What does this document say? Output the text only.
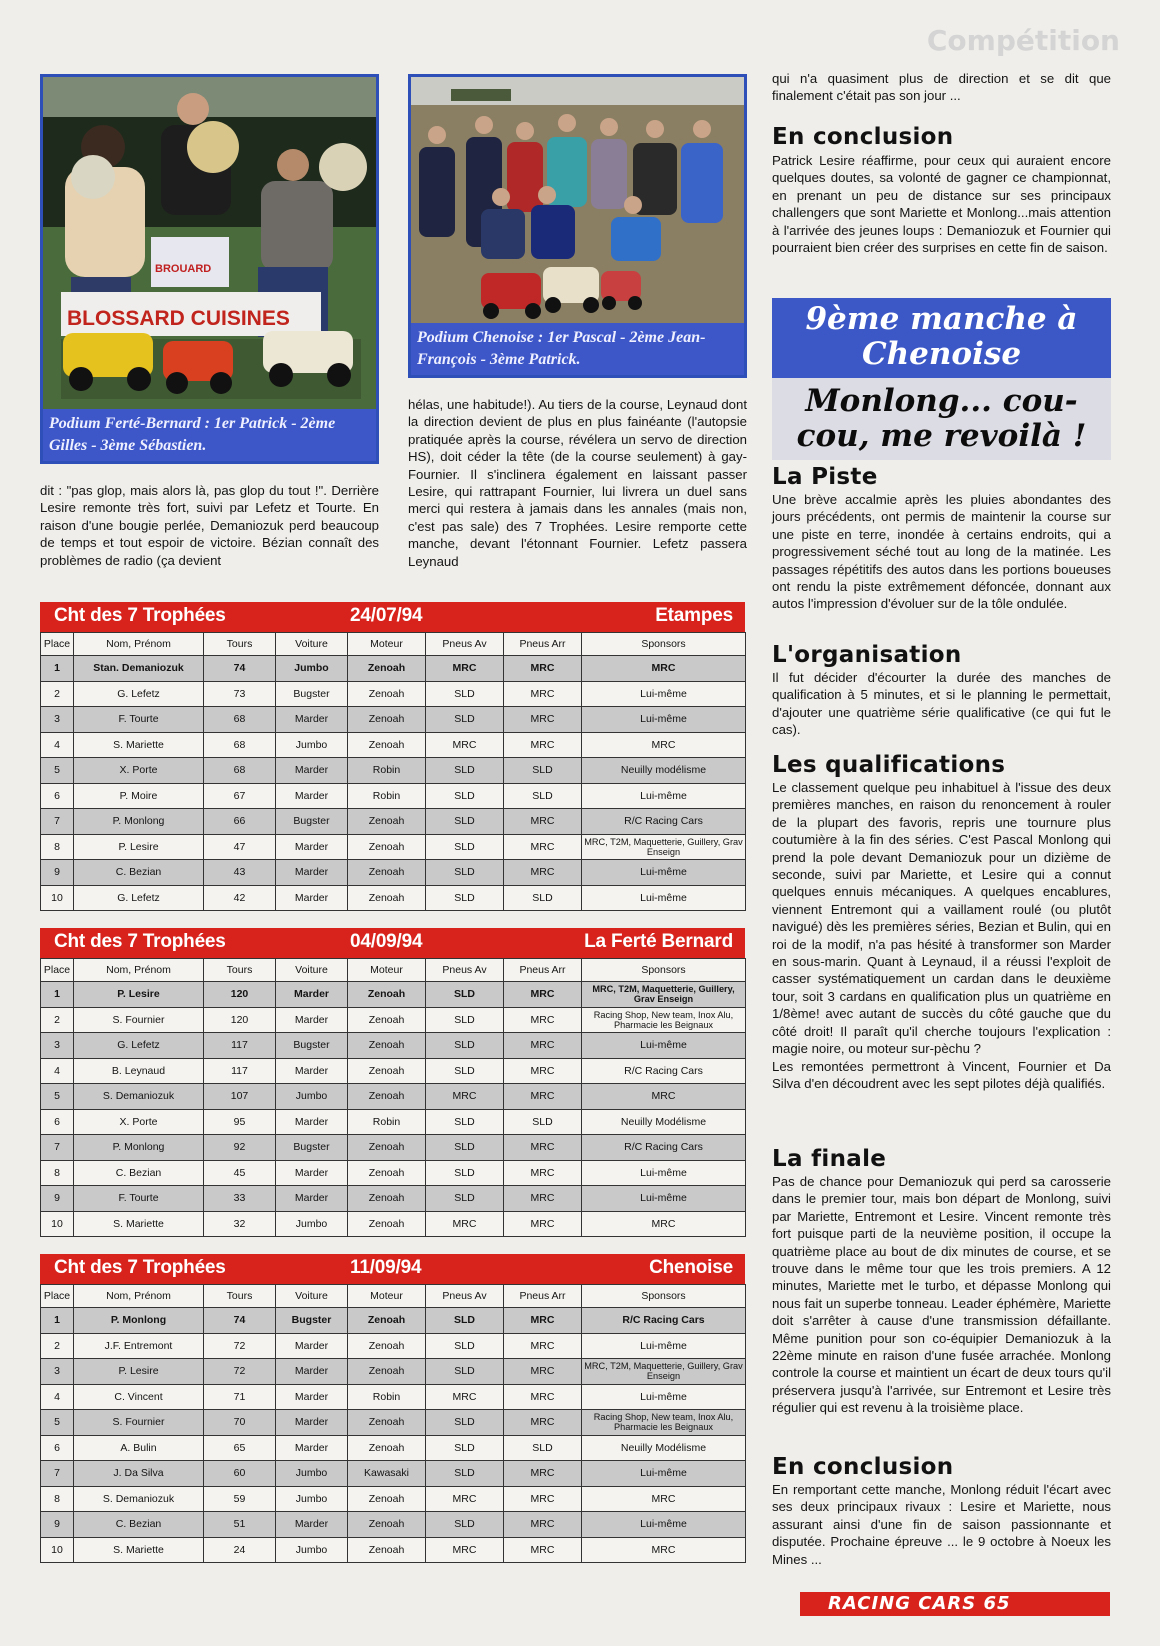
Compétition
BROUARD
BLOSSARD CUISINES
Podium Ferté-Bernard : 1er Patrick - 2ème Gilles - 3ème Sébastien.
Podium Chenoise : 1er Pascal - 2ème Jean-François - 3ème Patrick.

dit : "pas glop, mais alors là, pas glop du tout !". Derrière Lesire remonte très fort, suivi par Lefetz et Tourte. En raison d'une bougie perlée, Demaniozuk perd beaucoup de temps et tout espoir de victoire. Bézian connaît des problèmes de radio (ça devient

hélas, une habitude!). Au tiers de la course, Leynaud dont la direction devient de plus en plus fainéante (l'autopsie pratiquée après la course, révélera un servo de direction HS), doit céder la tête (de la course seulement) à gay-Fournier. Il s'inclinera également en laissant passer Lesire, qui rattrapant Fournier, lui livrera un duel sans merci qui restera à jamais dans les annales (mais non, c'est pas sale) des 7 Trophées. Lesire remporte cette manche, devant l'étonnant Fournier. Lefetz passera Leynaud

qui n'a quasiment plus de direction et se dit que finalement c'était pas son jour ...

En conclusion

Patrick Lesire réaffirme, pour ceux qui auraient encore quelques doutes, sa volonté de gagner ce championnat, en prenant un peu de distance sur ses principaux challengers que sont Mariette et Monlong...mais attention à l'arrivée des jeunes loups : Demaniozuk et Fournier qui pourraient bien créer des surprises en cette fin de saison.

9ème manche à Chenoise
Monlong... cou-cou, me revoilà !
La Piste

Une brève accalmie après les pluies abondantes des jours précédents, ont permis de maintenir la course sur une piste en terre, inondée à certains endroits, qui a progressivement séché tout au long de la matinée. Les passages répétitifs des autos dans les portions boueuses ont rendu la piste extrêmement défoncée, donnant aux autos l'impression d'évoluer sur de la tôle ondulée.

L'organisation

Il fut décider d'écourter la durée des manches de qualification à 5 minutes, et si le planning le permettait, d'ajouter une quatrième série qualificative (ce qui fut le cas).

Les qualifications

Le classement quelque peu inhabituel à l'issue des deux premières manches, en raison du renoncement à rouler de la plupart des favoris, repris une tournure plus coutumière à la fin des séries. C'est Pascal Monlong qui prend la pole devant Demaniozuk pour un dizième de seconde, suivi par Mariette, et Lesire qui a connut quelques ennuis mécaniques. A quelques encablures, viennent Entremont qui a vaillament roulé (ou plutôt navigué) dès les premières séries, Bezian et Bulin, qui en roi de la modif, n'a pas hésité à transformer son Marder en sous-marin. Quant à Leynaud, il a réussi l'exploit de casser systématiquement un cardan dans le deuxième tour, soit 3 cardans en qualification plus un quatrième en 1/8ème! avec autant de succès du côté gauche que du côté droit! Il paraît qu'il cherche toujours l'explication : magie noire, ou moteur sur-pèchu ?

Les remontées permettront à Vincent, Fournier et Da Silva d'en découdrent avec les sept pilotes déjà qualifiés.

La finale

Pas de chance pour Demaniozuk qui perd sa carosserie dans le premier tour, mais bon départ de Monlong, suivi par Mariette, Entremont et Lesire. Vincent remonte très fort puisque parti de la neuvième position, il occupe la quatrième place au bout de dix minutes de course, et se trouve dans le même tour que les trois premiers. A 12 minutes, Mariette met le turbo, et dépasse Monlong qui nous fait un superbe tonneau. Leader éphémère, Mariette doit s'arrêter à cause d'une transmission défaillante. Même punition pour son co-équipier Demaniozuk à la 22ème minute en raison d'une fusée arrachée. Monlong controle la course et maintient un écart de deux tours qu'il préservera jusqu'à l'arrivée, sur Entremont et Lesire très régulier qui est revenu à la troisième place.

En conclusion

En remportant cette manche, Monlong réduit l'écart avec ses deux principaux rivaux : Lesire et Mariette, nous assurant ainsi d'une fin de saison passionnante et disputée. Prochaine épreuve ... le 9 octobre à Noeux les Mines ...

Cht des 7 Trophées	24/07/94	Etampes
Place	Nom, Prénom	Tours	Voiture	Moteur	Pneus Av	Pneus Arr	Sponsors
1	Stan. Demaniozuk	74	Jumbo	Zenoah	MRC	MRC	MRC
2	G. Lefetz	73	Bugster	Zenoah	SLD	MRC	Lui-même
3	F. Tourte	68	Marder	Zenoah	SLD	MRC	Lui-même
4	S. Mariette	68	Jumbo	Zenoah	MRC	MRC	MRC
5	X. Porte	68	Marder	Robin	SLD	SLD	Neuilly modélisme
6	P. Moire	67	Marder	Robin	SLD	SLD	Lui-même
7	P. Monlong	66	Bugster	Zenoah	SLD	MRC	R/C Racing Cars
8	P. Lesire	47	Marder	Zenoah	SLD	MRC	MRC, T2M, Maquetterie, Guillery, Grav Enseign
9	C. Bezian	43	Marder	Zenoah	SLD	MRC	Lui-même
10	G. Lefetz	42	Marder	Zenoah	SLD	SLD	Lui-même
Cht des 7 Trophées	04/09/94	La Ferté Bernard
Place	Nom, Prénom	Tours	Voiture	Moteur	Pneus Av	Pneus Arr	Sponsors
1	P. Lesire	120	Marder	Zenoah	SLD	MRC	MRC, T2M, Maquetterie, Guillery, Grav Enseign
2	S. Fournier	120	Marder	Zenoah	SLD	MRC	Racing Shop, New team, Inox Alu, Pharmacie les Beignaux
3	G. Lefetz	117	Bugster	Zenoah	SLD	MRC	Lui-même
4	B. Leynaud	117	Marder	Zenoah	SLD	MRC	R/C Racing Cars
5	S. Demaniozuk	107	Jumbo	Zenoah	MRC	MRC	MRC
6	X. Porte	95	Marder	Robin	SLD	SLD	Neuilly Modélisme
7	P. Monlong	92	Bugster	Zenoah	SLD	MRC	R/C Racing Cars
8	C. Bezian	45	Marder	Zenoah	SLD	MRC	Lui-même
9	F. Tourte	33	Marder	Zenoah	SLD	MRC	Lui-même
10	S. Mariette	32	Jumbo	Zenoah	MRC	MRC	MRC
Cht des 7 Trophées	11/09/94	Chenoise
Place	Nom, Prénom	Tours	Voiture	Moteur	Pneus Av	Pneus Arr	Sponsors
1	P. Monlong	74	Bugster	Zenoah	SLD	MRC	R/C Racing Cars
2	J.F. Entremont	72	Marder	Zenoah	SLD	MRC	Lui-même
3	P. Lesire	72	Marder	Zenoah	SLD	MRC	MRC, T2M, Maquetterie, Guillery, Grav Enseign
4	C. Vincent	71	Marder	Robin	MRC	MRC	Lui-même
5	S. Fournier	70	Marder	Zenoah	SLD	MRC	Racing Shop, New team, Inox Alu, Pharmacie les Beignaux
6	A. Bulin	65	Marder	Zenoah	SLD	SLD	Neuilly Modélisme
7	J. Da Silva	60	Jumbo	Kawasaki	SLD	MRC	Lui-même
8	S. Demaniozuk	59	Jumbo	Zenoah	MRC	MRC	MRC
9	C. Bezian	51	Marder	Zenoah	SLD	MRC	Lui-même
10	S. Mariette	24	Jumbo	Zenoah	MRC	MRC	MRC
RACING CARS 65
